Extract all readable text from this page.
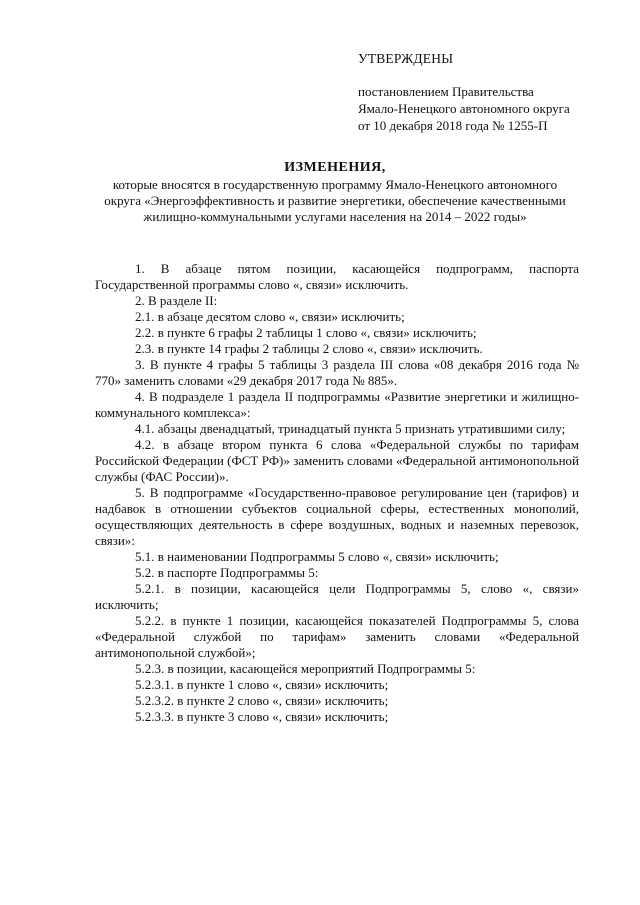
УТВЕРЖДЕНЫ
постановлением Правительства
Ямало-Ненецкого автономного округа
от 10 декабря 2018 года № 1255-П
ИЗМЕНЕНИЯ,
которые вносятся в государственную программу Ямало-Ненецкого автономного округа «Энергоэффективность и развитие энергетики, обеспечение качественными жилищно-коммунальными услугами населения на 2014 – 2022 годы»

1. В абзаце пятом позиции, касающейся подпрограмм, паспорта Государственной программы слово «, связи» исключить.

2. В разделе II:

2.1. в абзаце десятом слово «, связи» исключить;

2.2. в пункте 6 графы 2 таблицы 1 слово «, связи» исключить;

2.3. в пункте 14 графы 2 таблицы 2 слово «, связи» исключить.

3. В пункте 4 графы 5 таблицы 3 раздела III слова «08 декабря 2016 года № 770» заменить словами «29 декабря 2017 года № 885».

4. В подразделе 1 раздела II подпрограммы «Развитие энергетики и жилищно-коммунального комплекса»:

4.1. абзацы двенадцатый, тринадцатый пункта 5 признать утратившими силу;

4.2. в абзаце втором пункта 6 слова «Федеральной службы по тарифам Российской Федерации (ФСТ РФ)» заменить словами «Федеральной антимонопольной службы (ФАС России)».

5. В подпрограмме «Государственно-правовое регулирование цен (тарифов) и надбавок в отношении субъектов социальной сферы, естественных монополий, осуществляющих деятельность в сфере воздушных, водных и наземных перевозок, связи»:

5.1. в наименовании Подпрограммы 5 слово «, связи» исключить;

5.2. в паспорте Подпрограммы 5:

5.2.1. в позиции, касающейся цели Подпрограммы 5, слово «, связи» исключить;

5.2.2. в пункте 1 позиции, касающейся показателей Подпрограммы 5, слова «Федеральной службой по тарифам» заменить словами «Федеральной антимонопольной службой»;

5.2.3. в позиции, касающейся мероприятий Подпрограммы 5:

5.2.3.1. в пункте 1 слово «, связи» исключить;

5.2.3.2. в пункте 2 слово «, связи» исключить;

5.2.3.3. в пункте 3 слово «, связи» исключить;
